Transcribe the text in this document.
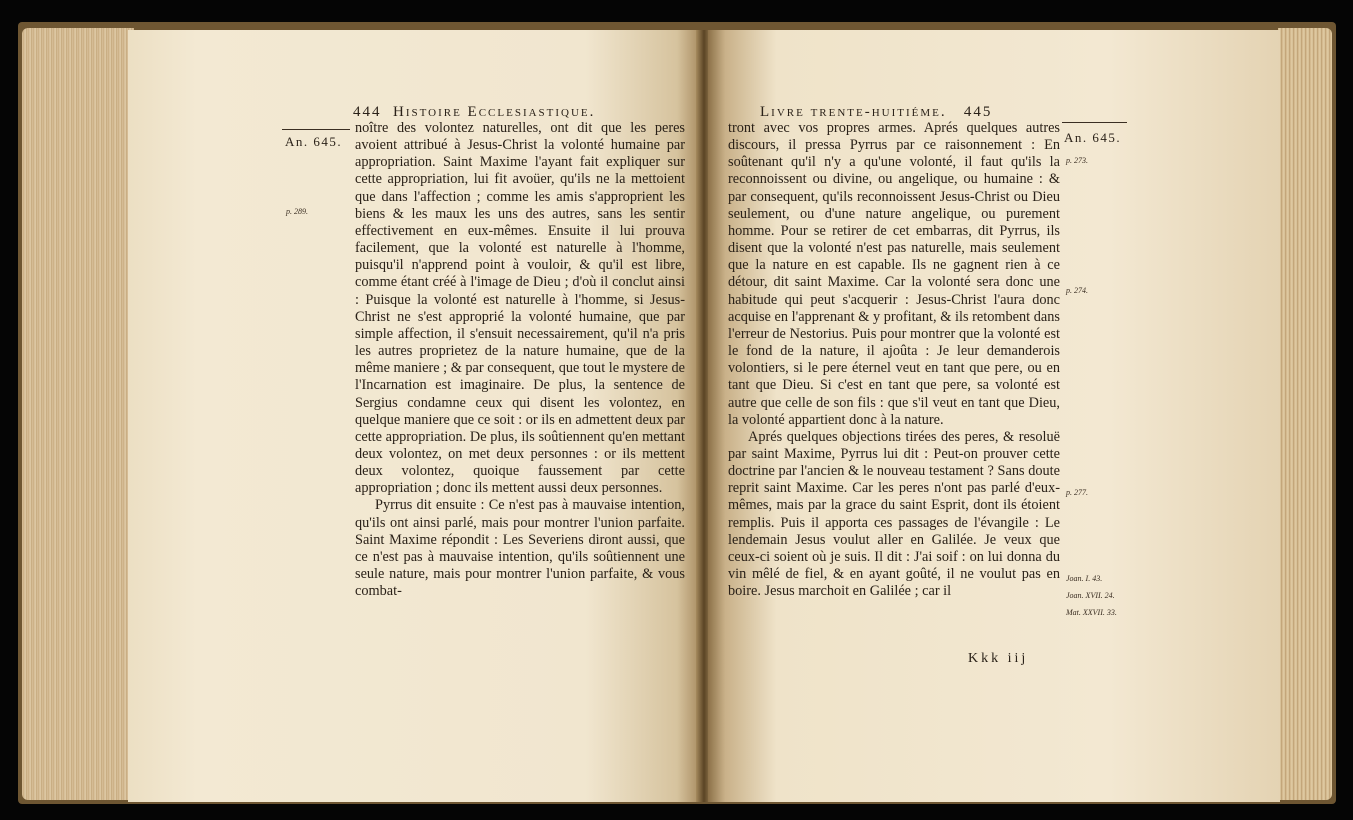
444 Histoire Ecclesiastique.
An. 645.
p. 289.

noître des volontez naturelles, ont dit que les peres avoient attribué à Jesus-Christ la volonté humaine par appropriation. Saint Maxime l'ayant fait expliquer sur cette appropriation, lui fit avoüer, qu'ils ne la mettoient que dans l'affection ; comme les amis s'approprient les biens & les maux les uns des autres, sans les sentir effectivement en eux-mêmes. Ensuite il lui prouva facilement, que la volonté est naturelle à l'homme, puisqu'il n'apprend point à vouloir, & qu'il est libre, comme étant créé à l'image de Dieu ; d'où il conclut ainsi : Puisque la volonté est naturelle à l'homme, si Jesus-Christ ne s'est approprié la volonté humaine, que par simple affection, il s'ensuit necessairement, qu'il n'a pris les autres proprietez de la nature humaine, que de la même maniere ; & par consequent, que tout le mystere de l'Incarnation est imaginaire. De plus, la sentence de Sergius condamne ceux qui disent les volontez, en quelque maniere que ce soit : or ils en admettent deux par cette appropriation. De plus, ils soûtiennent qu'en mettant deux volontez, on met deux personnes : or ils mettent deux volontez, quoique faussement par cette appropriation ; donc ils mettent aussi deux personnes.

Pyrrus dit ensuite : Ce n'est pas à mauvaise intention, qu'ils ont ainsi parlé, mais pour montrer l'union parfaite. Saint Maxime répondit : Les Severiens diront aussi, que ce n'est pas à mauvaise intention, qu'ils soûtiennent une seule nature, mais pour montrer l'union parfaite, & vous combat-

Livre trente-huitiéme. 445
An. 645.
p. 273.
p. 274.
p. 277.
Joan. I. 43.
Joan. XVII. 24.
Mat. XXVII. 33.

tront avec vos propres armes. Aprés quelques autres discours, il pressa Pyrrus par ce raisonnement : En soûtenant qu'il n'y a qu'une volonté, il faut qu'ils la reconnoissent ou divine, ou angelique, ou humaine : & par consequent, qu'ils reconnoissent Jesus-Christ ou Dieu seulement, ou d'une nature angelique, ou purement homme. Pour se retirer de cet embarras, dit Pyrrus, ils disent que la volonté n'est pas naturelle, mais seulement que la nature en est capable. Ils ne gagnent rien à ce détour, dit saint Maxime. Car la volonté sera donc une habitude qui peut s'acquerir : Jesus-Christ l'aura donc acquise en l'apprenant & y profitant, & ils retombent dans l'erreur de Nestorius. Puis pour montrer que la volonté est le fond de la nature, il ajoûta : Je leur demanderois volontiers, si le pere éternel veut en tant que pere, ou en tant que Dieu. Si c'est en tant que pere, sa volonté est autre que celle de son fils : que s'il veut en tant que Dieu, la volonté appartient donc à la nature.

Aprés quelques objections tirées des peres, & resoluë par saint Maxime, Pyrrus lui dit : Peut-on prouver cette doctrine par l'ancien & le nouveau testament ? Sans doute reprit saint Maxime. Car les peres n'ont pas parlé d'eux-mêmes, mais par la grace du saint Esprit, dont ils étoient remplis. Puis il apporta ces passages de l'évangile : Le lendemain Jesus voulut aller en Galilée. Je veux que ceux-ci soient où je suis. Il dit : J'ai soif : on lui donna du vin mêlé de fiel, & en ayant goûté, il ne voulut pas en boire. Jesus marchoit en Galilée ; car il

Kkk iij
